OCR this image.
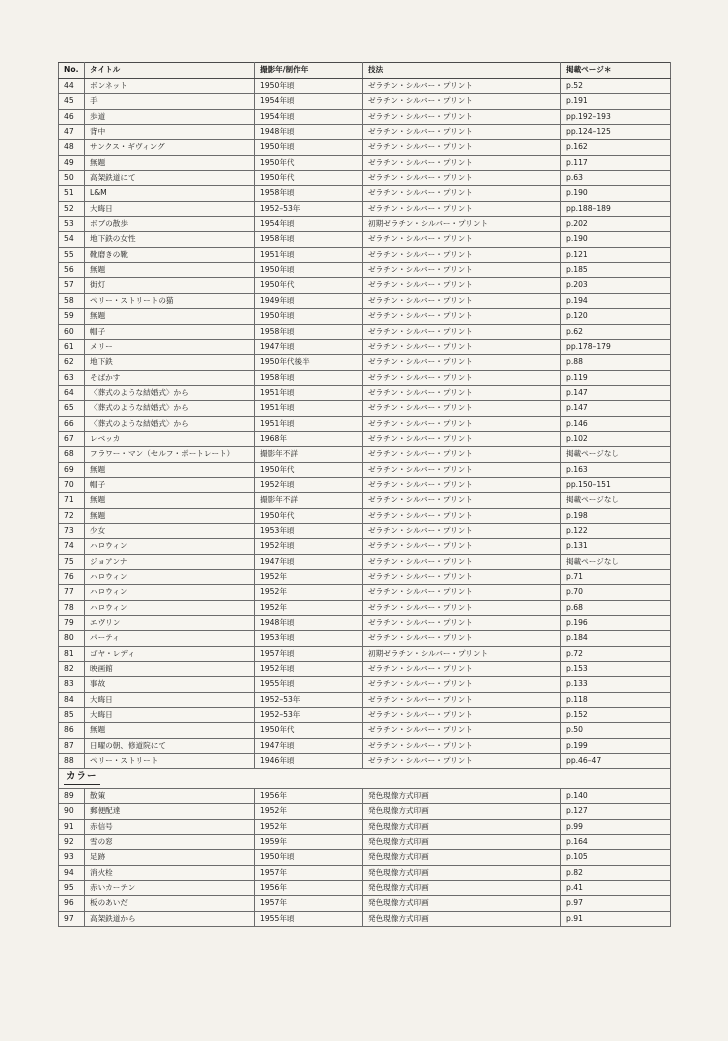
No.	タイトル	撮影年/制作年	技法	掲載ページ＊
44	ボンネット	1950年頃	ゼラチン・シルバー・プリント	p.52
45	手	1954年頃	ゼラチン・シルバー・プリント	p.191
46	歩道	1954年頃	ゼラチン・シルバー・プリント	pp.192–193
47	背中	1948年頃	ゼラチン・シルバー・プリント	pp.124–125
48	サンクス・ギヴィング	1950年頃	ゼラチン・シルバー・プリント	p.162
49	無題	1950年代	ゼラチン・シルバー・プリント	p.117
50	高架鉄道にて	1950年代	ゼラチン・シルバー・プリント	p.63
51	L&M	1958年頃	ゼラチン・シルバー・プリント	p.190
52	大晦日	1952–53年	ゼラチン・シルバー・プリント	pp.188–189
53	ボブの散歩	1954年頃	初期ゼラチン・シルバー・プリント	p.202
54	地下鉄の女性	1958年頃	ゼラチン・シルバー・プリント	p.190
55	靴磨きの靴	1951年頃	ゼラチン・シルバー・プリント	p.121
56	無題	1950年頃	ゼラチン・シルバー・プリント	p.185
57	街灯	1950年代	ゼラチン・シルバー・プリント	p.203
58	ペリー・ストリートの猫	1949年頃	ゼラチン・シルバー・プリント	p.194
59	無題	1950年頃	ゼラチン・シルバー・プリント	p.120
60	帽子	1958年頃	ゼラチン・シルバー・プリント	p.62
61	メリー	1947年頃	ゼラチン・シルバー・プリント	pp.178–179
62	地下鉄	1950年代後半	ゼラチン・シルバー・プリント	p.88
63	そばかす	1958年頃	ゼラチン・シルバー・プリント	p.119
64	〈葬式のような結婚式〉から	1951年頃	ゼラチン・シルバー・プリント	p.147
65	〈葬式のような結婚式〉から	1951年頃	ゼラチン・シルバー・プリント	p.147
66	〈葬式のような結婚式〉から	1951年頃	ゼラチン・シルバー・プリント	p.146
67	レベッカ	1968年	ゼラチン・シルバー・プリント	p.102
68	フラワー・マン（セルフ・ポートレート）	撮影年不詳	ゼラチン・シルバー・プリント	掲載ページなし
69	無題	1950年代	ゼラチン・シルバー・プリント	p.163
70	帽子	1952年頃	ゼラチン・シルバー・プリント	pp.150–151
71	無題	撮影年不詳	ゼラチン・シルバー・プリント	掲載ページなし
72	無題	1950年代	ゼラチン・シルバー・プリント	p.198
73	少女	1953年頃	ゼラチン・シルバー・プリント	p.122
74	ハロウィン	1952年頃	ゼラチン・シルバー・プリント	p.131
75	ジョアンナ	1947年頃	ゼラチン・シルバー・プリント	掲載ページなし
76	ハロウィン	1952年	ゼラチン・シルバー・プリント	p.71
77	ハロウィン	1952年	ゼラチン・シルバー・プリント	p.70
78	ハロウィン	1952年	ゼラチン・シルバー・プリント	p.68
79	エヴリン	1948年頃	ゼラチン・シルバー・プリント	p.196
80	パーティ	1953年頃	ゼラチン・シルバー・プリント	p.184
81	ゴヤ・レディ	1957年頃	初期ゼラチン・シルバー・プリント	p.72
82	映画館	1952年頃	ゼラチン・シルバー・プリント	p.153
83	事故	1955年頃	ゼラチン・シルバー・プリント	p.133
84	大晦日	1952–53年	ゼラチン・シルバー・プリント	p.118
85	大晦日	1952–53年	ゼラチン・シルバー・プリント	p.152
86	無題	1950年代	ゼラチン・シルバー・プリント	p.50
87	日曜の朝、修道院にて	1947年頃	ゼラチン・シルバー・プリント	p.199
88	ペリー・ストリート	1946年頃	ゼラチン・シルバー・プリント	pp.46–47
カラー				
89	散策	1956年	発色現像方式印画	p.140
90	郵便配達	1952年	発色現像方式印画	p.127
91	赤信号	1952年	発色現像方式印画	p.99
92	雪の窓	1959年	発色現像方式印画	p.164
93	足跡	1950年頃	発色現像方式印画	p.105
94	消火栓	1957年	発色現像方式印画	p.82
95	赤いカーテン	1956年	発色現像方式印画	p.41
96	板のあいだ	1957年	発色現像方式印画	p.97
97	高架鉄道から	1955年頃	発色現像方式印画	p.91
